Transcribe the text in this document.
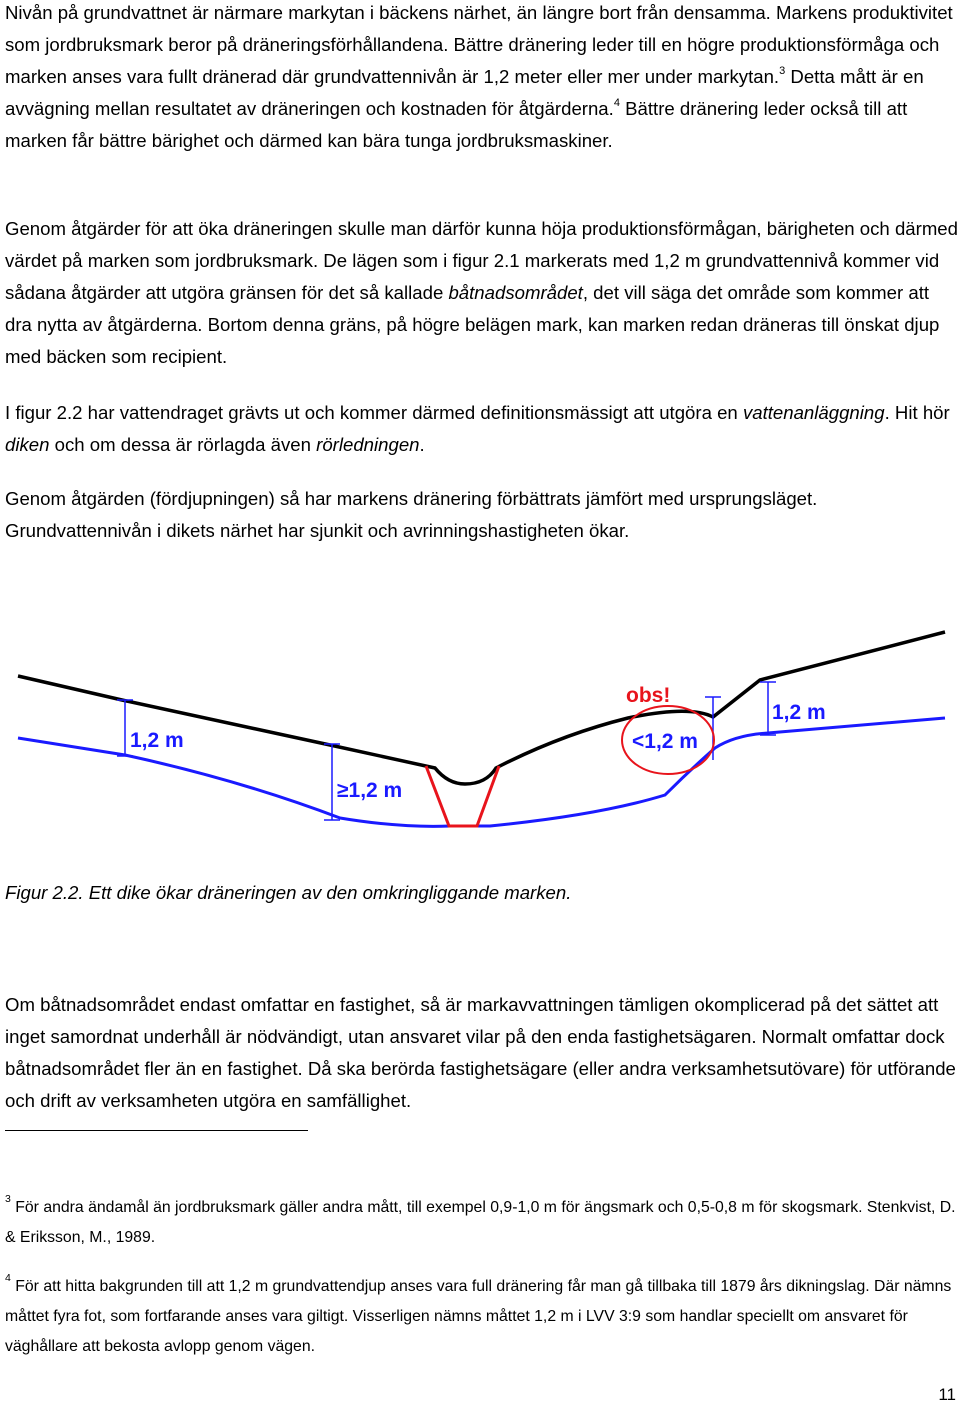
Nivån på grundvattnet är närmare markytan i bäckens närhet, än längre bort från densamma. Markens produktivitet som jordbruksmark beror på dräneringsförhållandena. Bättre dränering leder till en högre produktionsförmåga och marken anses vara fullt dränerad där grundvattennivån är 1,2 meter eller mer under markytan.$^3$ Detta mått är en avvägning mellan resultatet av dräneringen och kostnaden för åtgärderna.$^4$ Bättre dränering leder också till att marken får bättre bärighet och därmed kan bära tunga jordbruksmaskiner.

Genom åtgärder för att öka dräneringen skulle man därför kunna höja produktionsförmågan, bärigheten och därmed värdet på marken som jordbruksmark. De lägen som i figur 2.1 markerats med 1,2 m grundvattennivå kommer vid sådana åtgärder att utgöra gränsen för det så kallade båtnadsområdet, det vill säga det område som kommer att dra nytta av åtgärderna. Bortom denna gräns, på högre belägen mark, kan marken redan dräneras till önskat djup med bäcken som recipient.

I figur 2.2 har vattendraget grävts ut och kommer därmed definitionsmässigt att utgöra en vattenanläggning. Hit hör diken och om dessa är rörlagda även rörledningen.

Genom åtgärden (fördjupningen) så har markens dränering förbättrats jämfört med ursprungsläget.
Grundvattennivån i dikets närhet har sjunkit och avrinningshastigheten ökar.

1,2 m
≥1,2 m
obs!
<1,2 m
1,2 m

Figur 2.2. Ett dike ökar dräneringen av den omkringliggande marken.

Om båtnadsområdet endast omfattar en fastighet, så är markavvattningen tämligen okomplicerad på det sättet att inget samordnat underhåll är nödvändigt, utan ansvaret vilar på den enda fastighetsägaren. Normalt omfattar dock båtnadsområdet fler än en fastighet. Då ska berörda fastighetsägare (eller andra verksamhetsutövare) för utförande och drift av verksamheten utgöra en samfällighet.

$^3$ För andra ändamål än jordbruksmark gäller andra mått, till exempel 0,9-1,0 m för ängsmark och 0,5-0,8 m för skogsmark. Stenkvist, D. & Eriksson, M., 1989.

$^4$ För att hitta bakgrunden till att 1,2 m grundvattendjup anses vara full dränering får man gå tillbaka till 1879 års dikningslag. Där nämns måttet fyra fot, som fortfarande anses vara giltigt. Visserligen nämns måttet 1,2 m i LVV 3:9 som handlar speciellt om ansvaret för väghållare att bekosta avlopp genom vägen.

11
